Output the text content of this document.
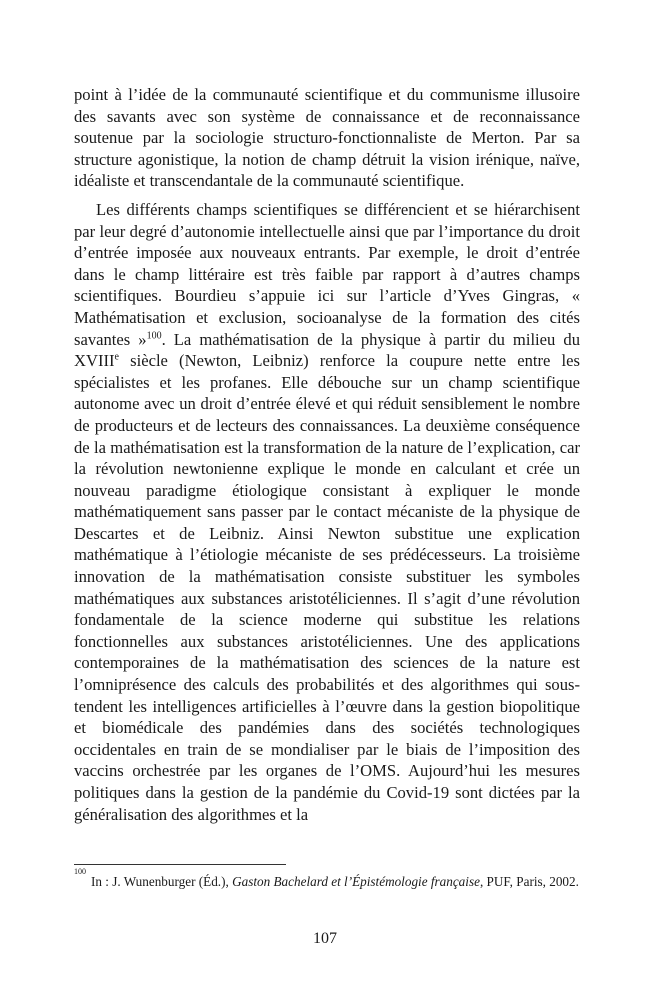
point à l’idée de la communauté scientifique et du communisme illusoire des savants avec son système de connaissance et de reconnaissance soutenue par la sociologie structuro-fonctionnaliste de Merton. Par sa structure agonistique, la notion de champ détruit la vision irénique, naïve, idéaliste et transcendantale de la communauté scientifique.

Les différents champs scientifiques se différencient et se hiérarchisent par leur degré d’autonomie intellectuelle ainsi que par l’importance du droit d’entrée imposée aux nouveaux entrants. Par exemple, le droit d’entrée dans le champ littéraire est très faible par rapport à d’autres champs scientifiques. Bourdieu s’appuie ici sur l’article d’Yves Gingras, « Mathématisation et exclusion, socioanalyse de la formation des cités savantes »$^{100}$. La mathématisation de la physique à partir du milieu du XVIIIe siècle (Newton, Leibniz) renforce la coupure nette entre les spécialistes et les profanes. Elle débouche sur un champ scientifique autonome avec un droit d’entrée élevé et qui réduit sensiblement le nombre de producteurs et de lecteurs des connaissances. La deuxième conséquence de la mathématisation est la transformation de la nature de l’explication, car la révolution newtonienne explique le monde en calculant et crée un nouveau paradigme étiologique consistant à expliquer le monde mathématiquement sans passer par le contact mécaniste de la physique de Descartes et de Leibniz. Ainsi Newton substitue une explication mathématique à l’étiologie mécaniste de ses prédécesseurs. La troisième innovation de la mathématisation consiste substituer les symboles mathématiques aux substances aristotéliciennes. Il s’agit d’une révolution fondamentale de la science moderne qui substitue les relations fonctionnelles aux substances aristotéliciennes. Une des applications contemporaines de la mathématisation des sciences de la nature est l’omniprésence des calculs des probabilités et des algorithmes qui sous-tendent les intelligences artificielles à l’œuvre dans la gestion biopolitique et biomédicale des pandémies dans des sociétés technologiques occidentales en train de se mondialiser par le biais de l’imposition des vaccins orchestrée par les organes de l’OMS. Aujourd’hui les mesures politiques dans la gestion de la pandémie du Covid-19 sont dictées par la généralisation des algorithmes et la

$^{100}$In : J. Wunenburger (Éd.), Gaston Bachelard et l’Épistémologie française, PUF, Paris, 2002.
107
